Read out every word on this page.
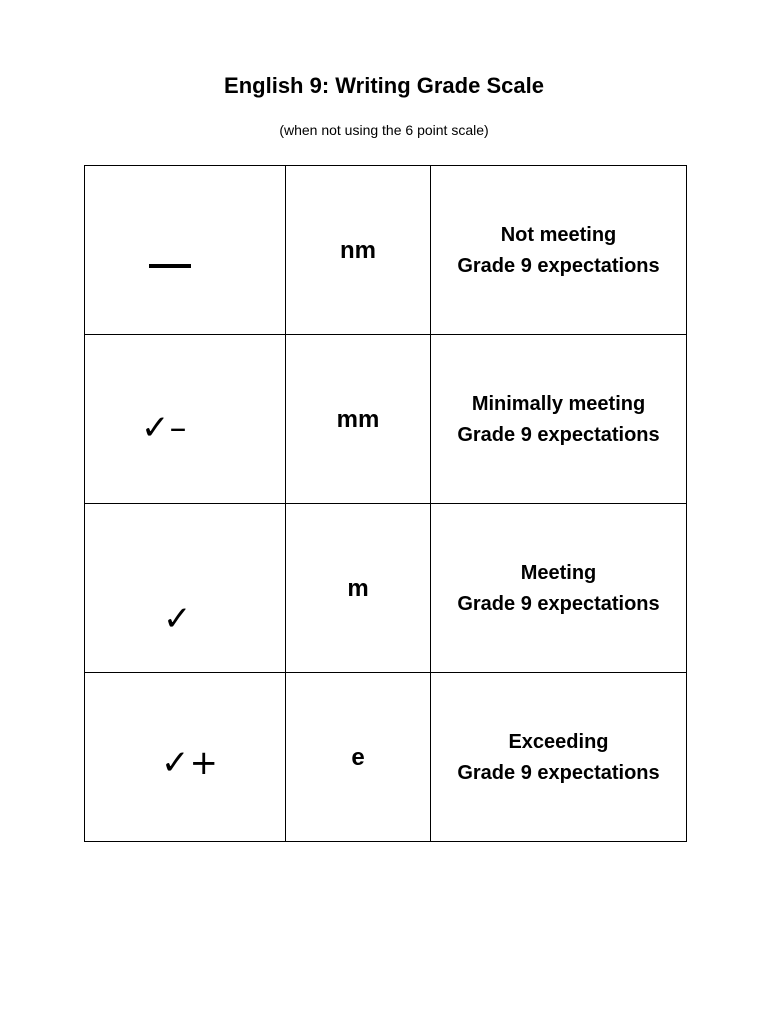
English 9: Writing Grade Scale
(when not using the 6 point scale)

	nm	Not meeting
Grade 9 expectations

✓–	mm	Minimally meeting
Grade 9 expectations

✓	m	Meeting
Grade 9 expectations

✓+	e	Exceeding
Grade 9 expectations
